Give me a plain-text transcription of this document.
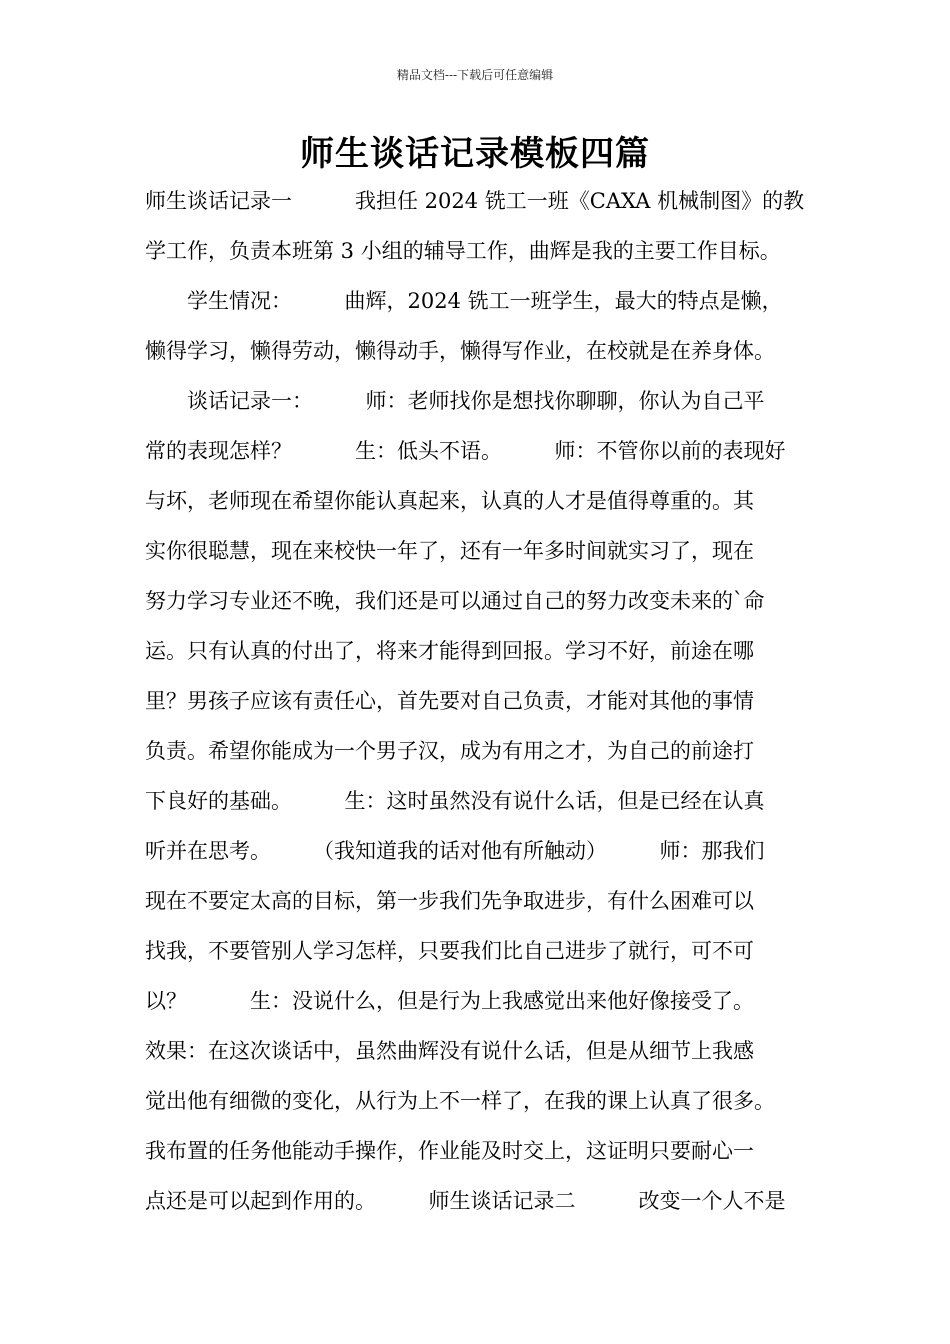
精品文档---下载后可任意编辑
师生谈话记录模板四篇
师生谈话记录一　　　我担任 2024 铣工一班《CAXA 机械制图》的教
学工作，负责本班第 3 小组的辅导工作，曲辉是我的主要工作目标。
　　学生情况：　　　曲辉，2024 铣工一班学生，最大的特点是懒，
懒得学习，懒得劳动，懒得动手，懒得写作业，在校就是在养身体。
　　谈话记录一：　　　师：老师找你是想找你聊聊，你认为自己平
常的表现怎样？　　　生：低头不语。　　　师：不管你以前的表现好
与坏，老师现在希望你能认真起来，认真的人才是值得尊重的。其
实你很聪慧，现在来校快一年了，还有一年多时间就实习了，现在
努力学习专业还不晚，我们还是可以通过自己的努力改变未来的`命
运。只有认真的付出了，将来才能得到回报。学习不好，前途在哪
里？男孩子应该有责任心，首先要对自己负责，才能对其他的事情
负责。希望你能成为一个男子汉，成为有用之才，为自己的前途打
下良好的基础。　　　生：这时虽然没有说什么话，但是已经在认真
听并在思考。　　　（我知道我的话对他有所触动）　　　师：那我们
现在不要定太高的目标，第一步我们先争取进步，有什么困难可以
找我，不要管别人学习怎样，只要我们比自己进步了就行，可不可
以？　　　生：没说什么，但是行为上我感觉出来他好像接受了。
效果：在这次谈话中，虽然曲辉没有说什么话，但是从细节上我感
觉出他有细微的变化，从行为上不一样了，在我的课上认真了很多。
我布置的任务他能动手操作，作业能及时交上，这证明只要耐心一
点还是可以起到作用的。　　　师生谈话记录二　　　改变一个人不是
